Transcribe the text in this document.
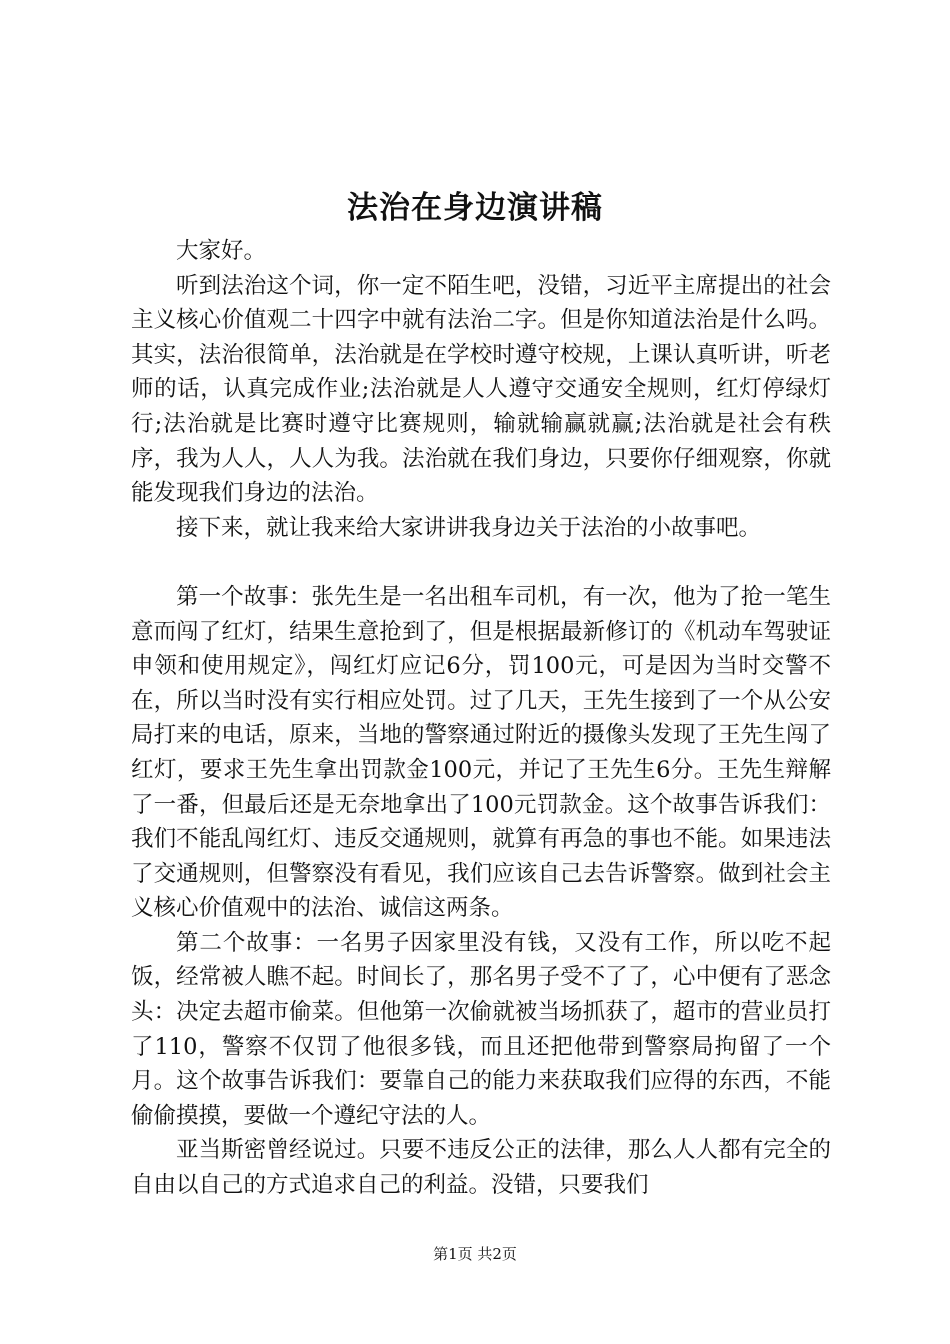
法治在身边演讲稿

大家好。

听到法治这个词，你一定不陌生吧，没错，习近平主席提出的社会主义核心价值观二十四字中就有法治二字。但是你知道法治是什么吗。其实，法治很简单，法治就是在学校时遵守校规，上课认真听讲，听老师的话，认真完成作业;法治就是人人遵守交通安全规则，红灯停绿灯行;法治就是比赛时遵守比赛规则，输就输赢就赢;法治就是社会有秩序，我为人人，人人为我。法治就在我们身边，只要你仔细观察，你就能发现我们身边的法治。

接下来，就让我来给大家讲讲我身边关于法治的小故事吧。

第一个故事：张先生是一名出租车司机，有一次，他为了抢一笔生意而闯了红灯，结果生意抢到了，但是根据最新修订的《机动车驾驶证申领和使用规定》，闯红灯应记6分，罚100元，可是因为当时交警不在，所以当时没有实行相应处罚。过了几天，王先生接到了一个从公安局打来的电话，原来，当地的警察通过附近的摄像头发现了王先生闯了红灯，要求王先生拿出罚款金100元，并记了王先生6分。王先生辩解了一番，但最后还是无奈地拿出了100元罚款金。这个故事告诉我们：我们不能乱闯红灯、违反交通规则，就算有再急的事也不能。如果违法了交通规则，但警察没有看见，我们应该自己去告诉警察。做到社会主义核心价值观中的法治、诚信这两条。

第二个故事：一名男子因家里没有钱，又没有工作，所以吃不起饭，经常被人瞧不起。时间长了，那名男子受不了了，心中便有了恶念头：决定去超市偷菜。但他第一次偷就被当场抓获了，超市的营业员打了110，警察不仅罚了他很多钱，而且还把他带到警察局拘留了一个月。这个故事告诉我们：要靠自己的能力来获取我们应得的东西，不能偷偷摸摸，要做一个遵纪守法的人。

亚当斯密曾经说过。只要不违反公正的法律，那么人人都有完全的自由以自己的方式追求自己的利益。没错，只要我们

第1页 共2页
